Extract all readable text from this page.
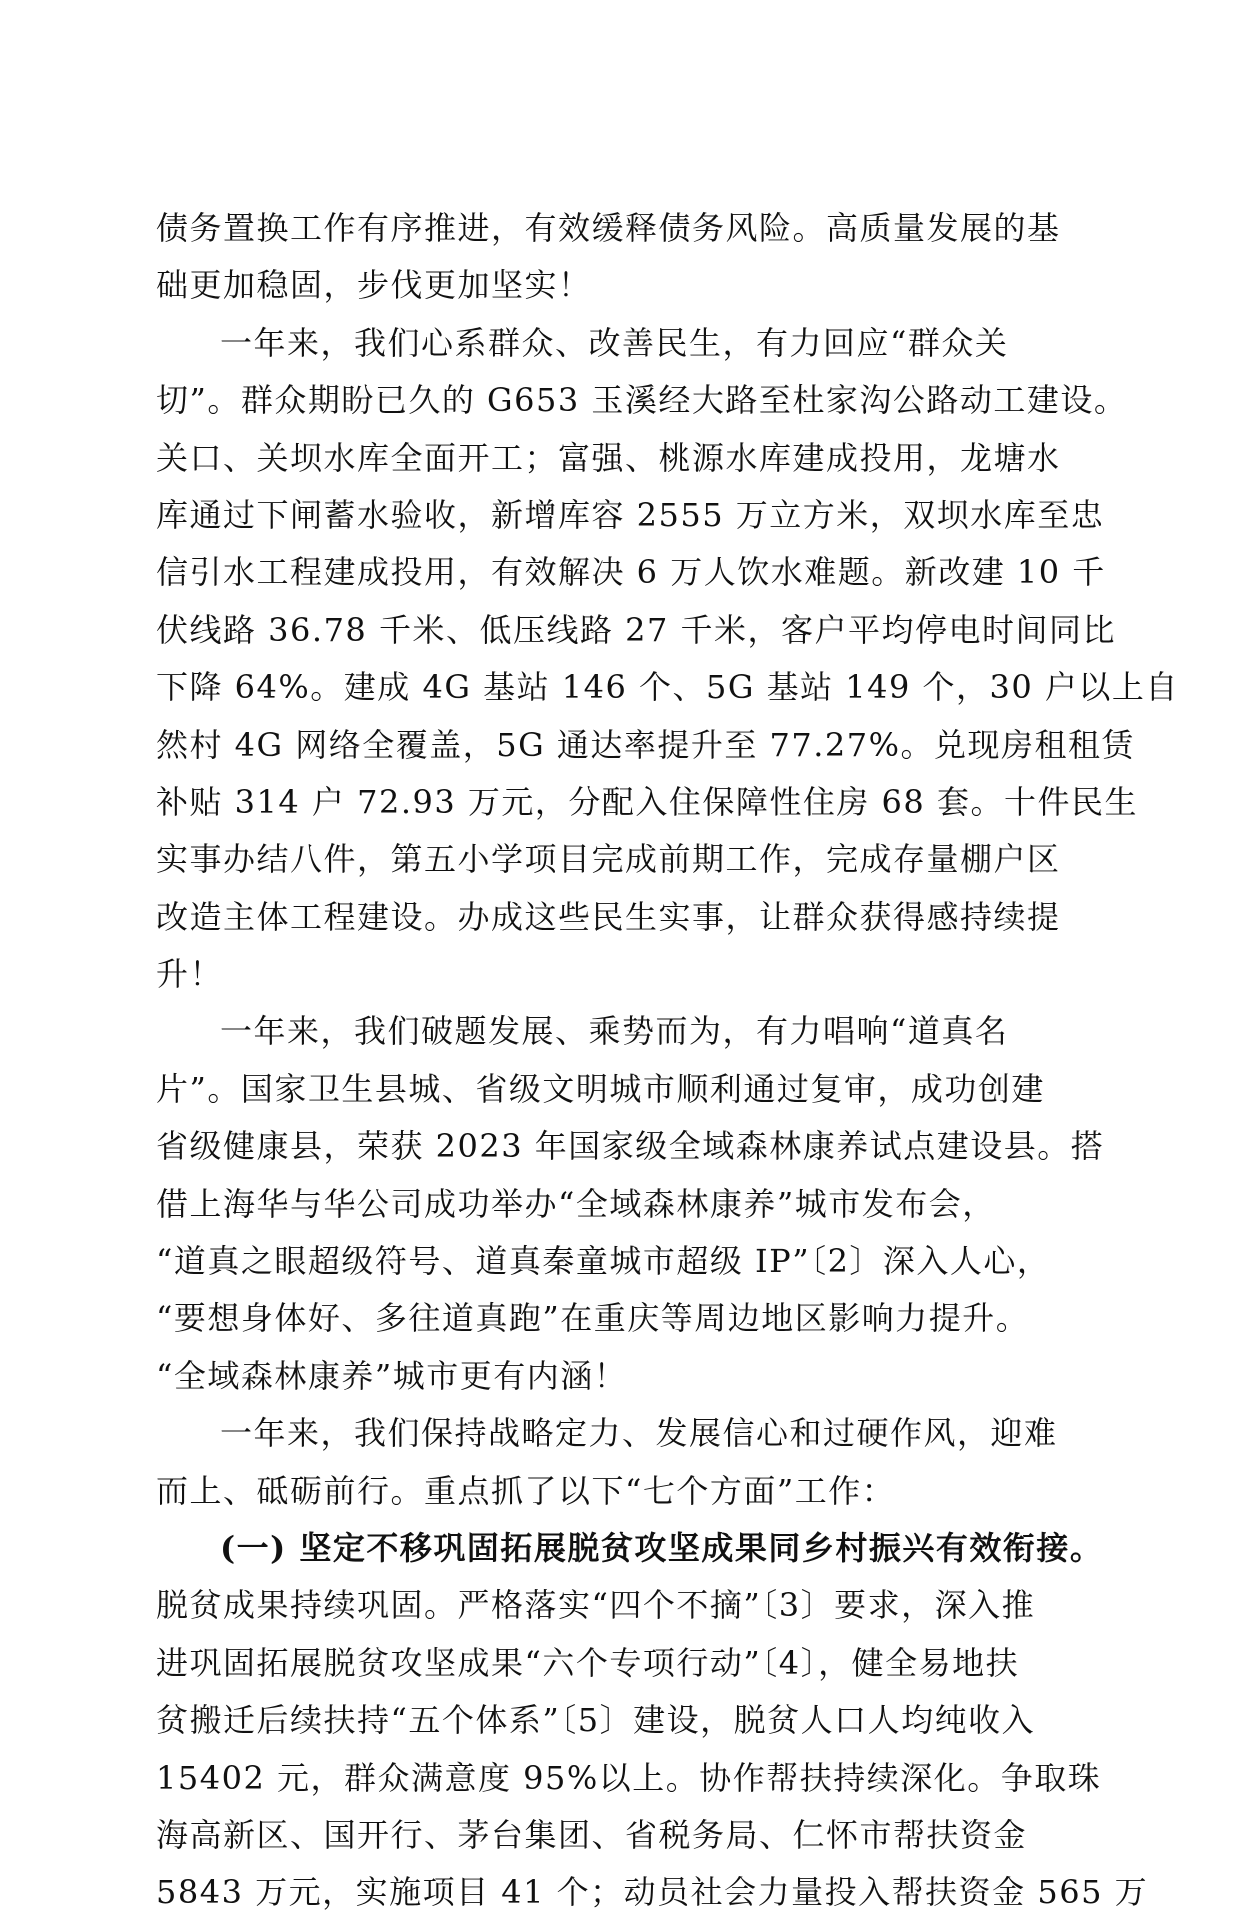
债务置换工作有序推进，有效缓释债务风险。高质量发展的基
础更加稳固，步伐更加坚实！
一年来，我们心系群众、改善民生，有力回应“群众关
切”。群众期盼已久的 G653 玉溪经大路至杜家沟公路动工建设。
关口、关坝水库全面开工；富强、桃源水库建成投用，龙塘水
库通过下闸蓄水验收，新增库容 2555 万立方米，双坝水库至忠
信引水工程建成投用，有效解决 6 万人饮水难题。新改建 10 千
伏线路 36.78 千米、低压线路 27 千米，客户平均停电时间同比
下降 64%。建成 4G 基站 146 个、5G 基站 149 个，30 户以上自
然村 4G 网络全覆盖，5G 通达率提升至 77.27%。兑现房租租赁
补贴 314 户 72.93 万元，分配入住保障性住房 68 套。十件民生
实事办结八件，第五小学项目完成前期工作，完成存量棚户区
改造主体工程建设。办成这些民生实事，让群众获得感持续提
升！
一年来，我们破题发展、乘势而为，有力唱响“道真名
片”。国家卫生县城、省级文明城市顺利通过复审，成功创建
省级健康县，荣获 2023 年国家级全域森林康养试点建设县。搭
借上海华与华公司成功举办“全域森林康养”城市发布会，
“道真之眼超级符号、道真秦童城市超级 IP”〔2〕深入人心，
“要想身体好、多往道真跑”在重庆等周边地区影响力提升。
“全域森林康养”城市更有内涵！
一年来，我们保持战略定力、发展信心和过硬作风，迎难
而上、砥砺前行。重点抓了以下“七个方面”工作：
(一) 坚定不移巩固拓展脱贫攻坚成果同乡村振兴有效衔接。
脱贫成果持续巩固。严格落实“四个不摘”〔3〕要求，深入推
进巩固拓展脱贫攻坚成果“六个专项行动”〔4〕，健全易地扶
贫搬迁后续扶持“五个体系”〔5〕建设，脱贫人口人均纯收入
15402 元，群众满意度 95%以上。协作帮扶持续深化。争取珠
海高新区、国开行、茅台集团、省税务局、仁怀市帮扶资金
5843 万元，实施项目 41 个；动员社会力量投入帮扶资金 565 万
